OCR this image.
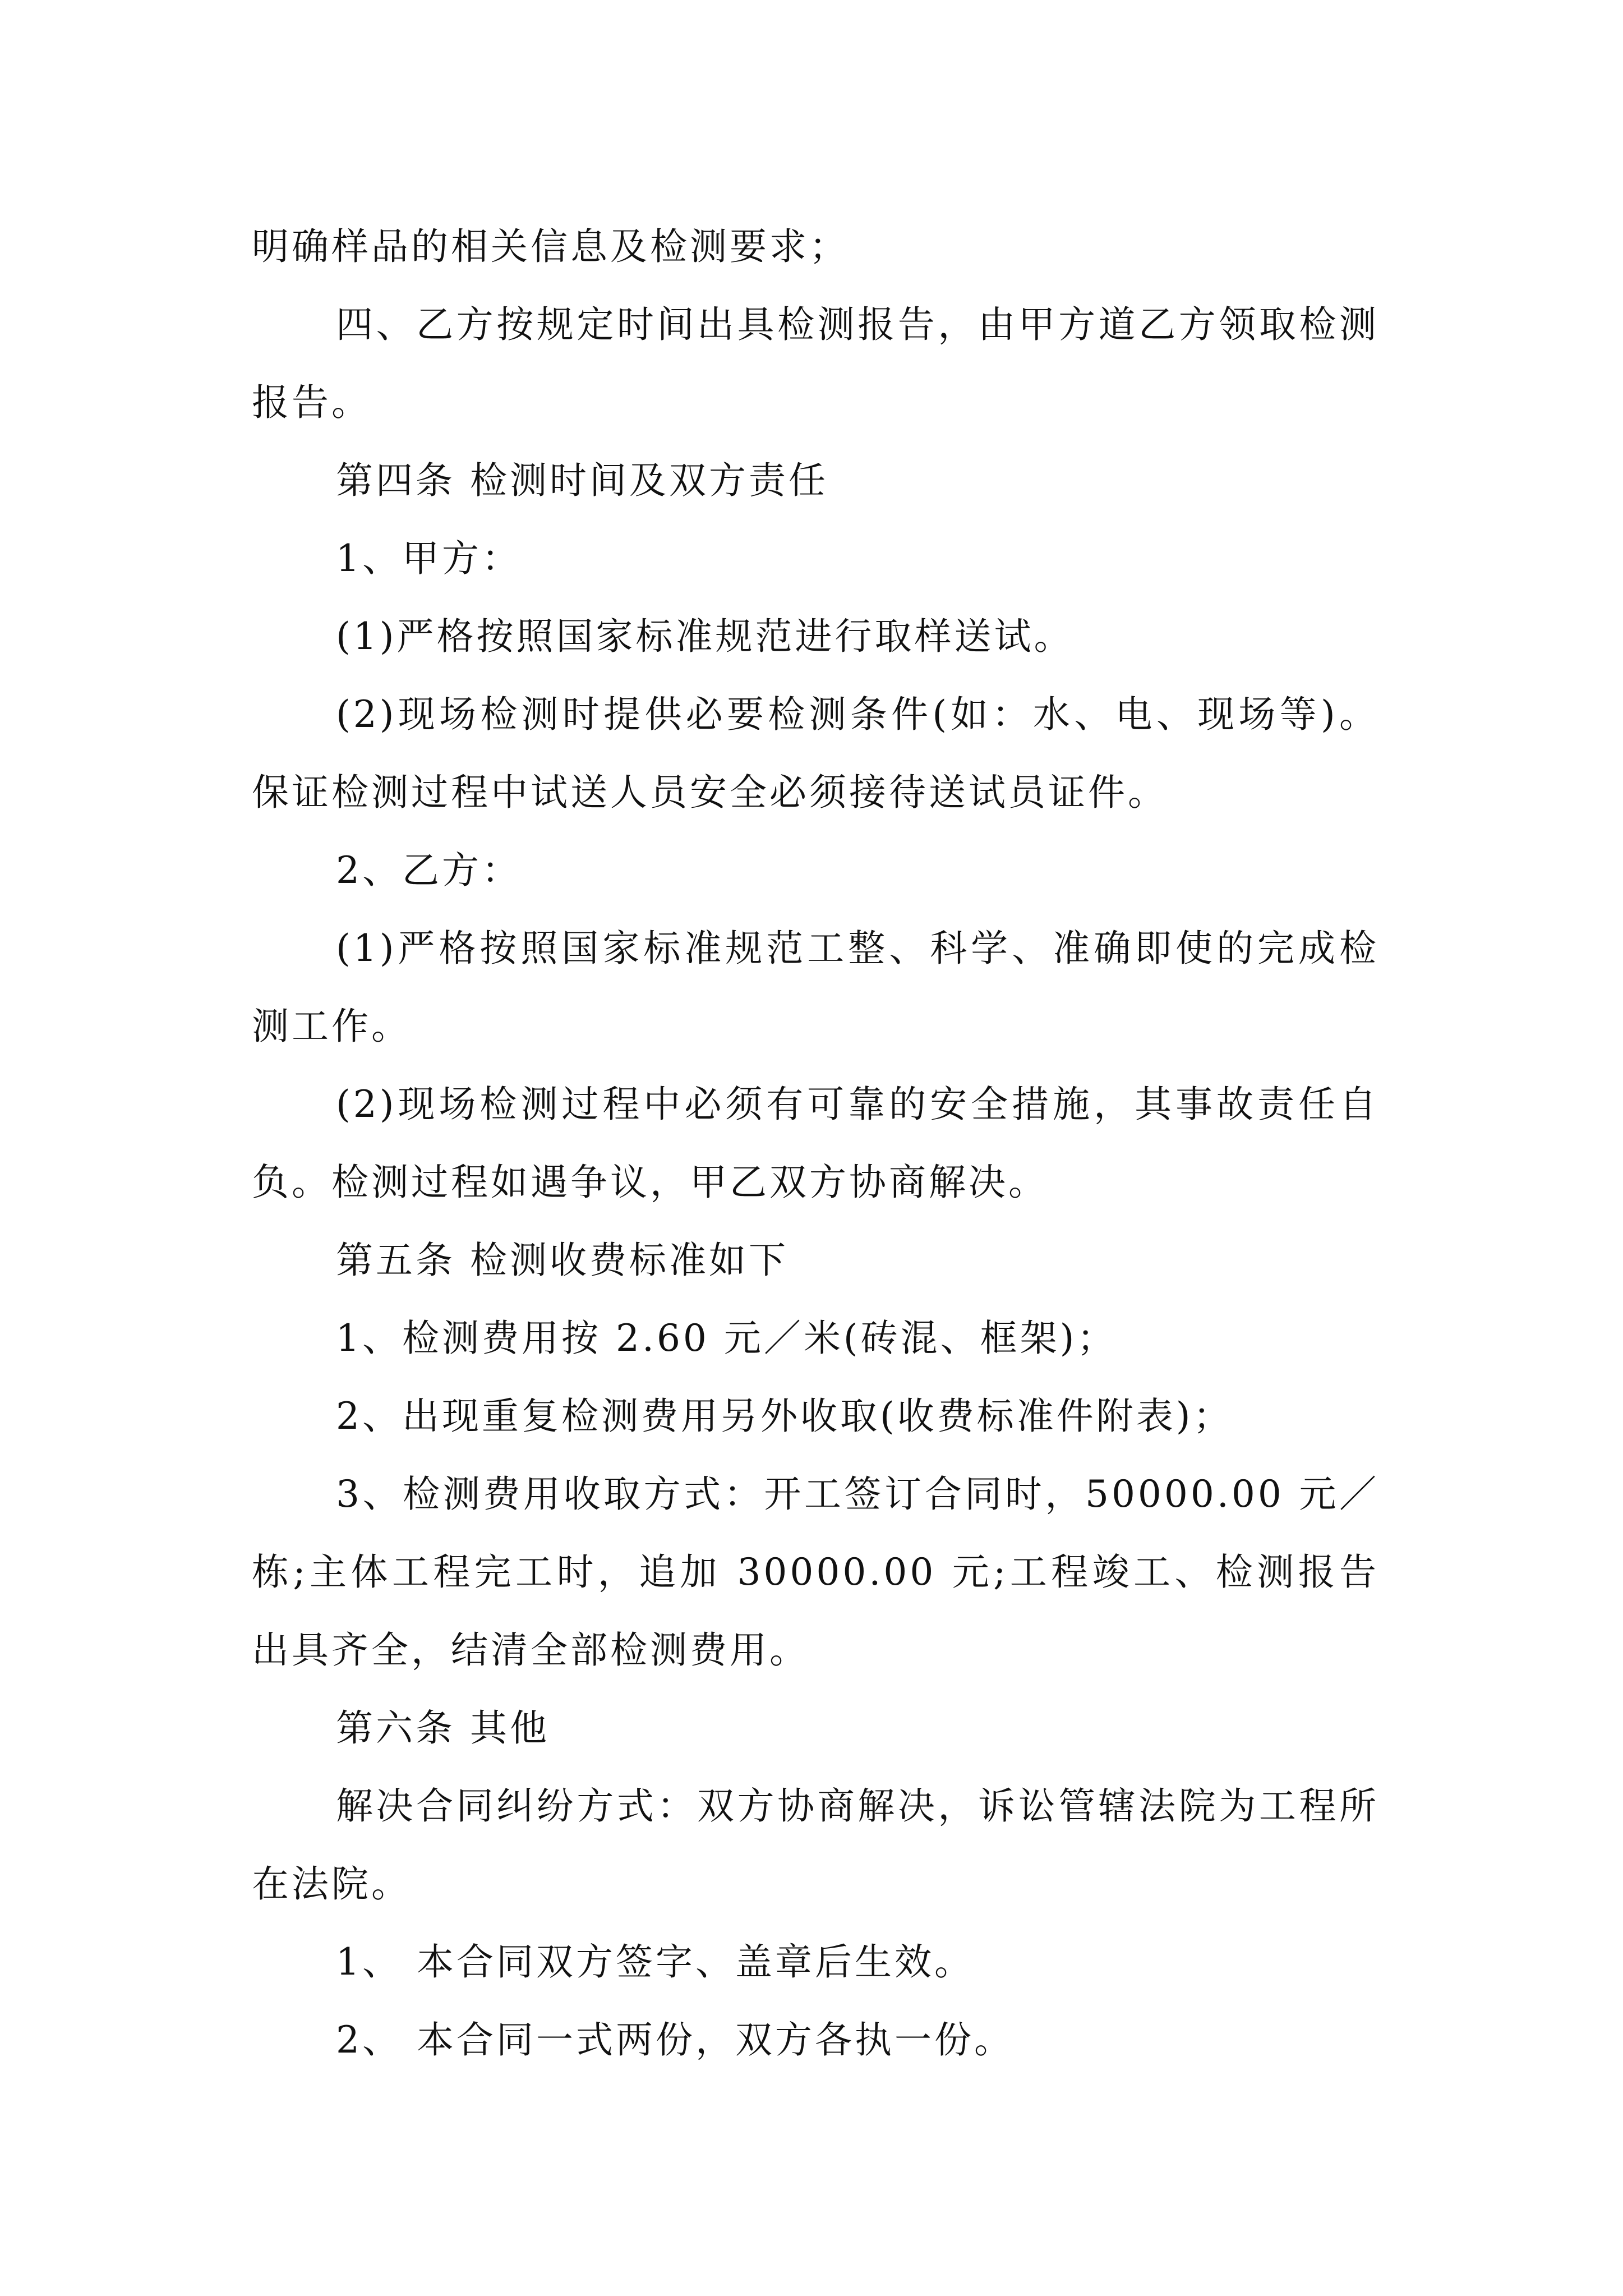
明确样品的相关信息及检测要求；

四、乙方按规定时间出具检测报告，由甲方道乙方领取检测报告。

第四条 检测时间及双方责任

1、甲方：

(1)严格按照国家标准规范进行取样送试。

(2)现场检测时提供必要检测条件(如：水、电、现场等)。保证检测过程中试送人员安全必须接待送试员证件。

2、乙方：

(1)严格按照国家标准规范工整、科学、准确即使的完成检测工作。

(2)现场检测过程中必须有可靠的安全措施，其事故责任自负。检测过程如遇争议，甲乙双方协商解决。

第五条 检测收费标准如下

1、检测费用按 2.60 元／米(砖混、框架)；

2、出现重复检测费用另外收取(收费标准件附表)；

3、检测费用收取方式：开工签订合同时，50000.00 元／栋;主体工程完工时，追加 30000.00 元;工程竣工、检测报告出具齐全，结清全部检测费用。

第六条 其他

解决合同纠纷方式：双方协商解决，诉讼管辖法院为工程所在法院。

1、 本合同双方签字、盖章后生效。

2、 本合同一式两份，双方各执一份。
